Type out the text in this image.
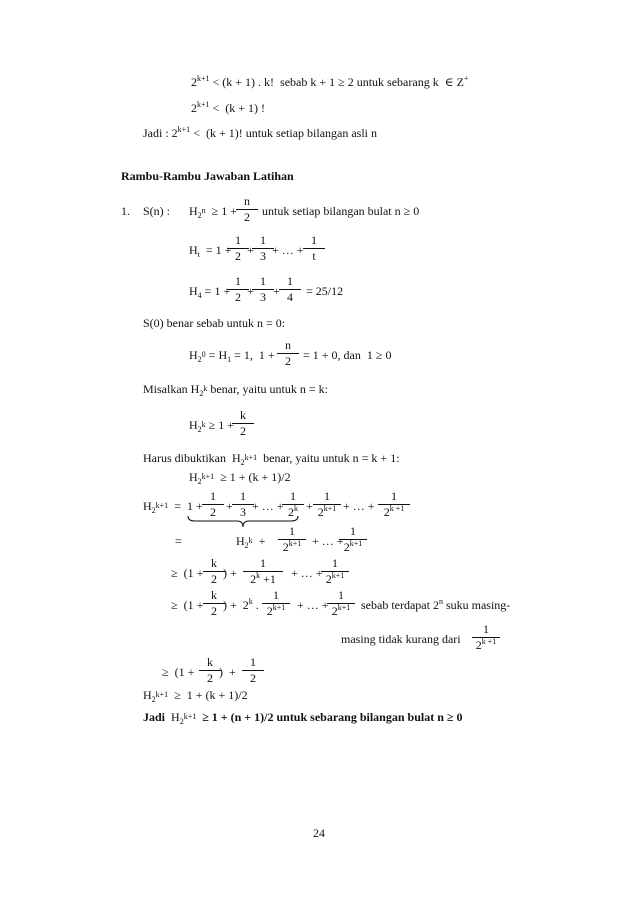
$2^{k+1} < (k + 1)$ . k!  sebab k + 1 ≥ 2 untuk sebarang k  ∈ Z+
$2^{k+1} < (k + 1)$ !
Jadi : $2^{k+1} < (k + 1)$! untuk setiap bilangan asli n
Rambu-Rambu Jawaban Latihan
1. S(n) : $H_{2^n} \ge 1$ +
n
2	untuk setiap bilangan bulat n ≥ 0
$H_t = 1$ +
1
2 +
1
3 + … +
1
t
$H_4 = 1$ +
1
2 +
1
3 +
1
4	= 25/12
S(0) benar sebab untuk n = 0:
$H_{2^0} = H_1 = 1$,  1 +
n
2	= 1 + 0, dan  1 ≥ 0
Misalkan $H_{2^k}$ benar, yaitu untuk n = k:
$H_{2^k} \ge 1$ +
k
2
Harus dibuktikan  $H_{2^{k+1}}$  benar, yaitu untuk n = k + 1:
$H_{2^{k+1}} \ge 1 + (k + 1)/2$
$H_{2^{k+1}} = 1$ +
1
2 +
1
3 + … +
1
$2^k$ +
1
$2^{k+1}$ + … +
1
$2^{k +1}$
=	$H_{2^k}$  +
1
$2^{k+1}$ + … +
1
$2^{k+1}$
≥  (1 +
k
2 ) +
1
$2^k +1$	+ … +
1
$2^{k+1}$
≥  (1 +
k
2 ) +  2$^k$ .
1
$2^{k+1}$ + … +
1
$2^{k+1}$ sebab terdapat 2$^n$ suku masing-
masing tidak kurang dari
1
$2^{k +1}$
≥  (1 +
k
2 )  +
1
2
$H_{2^{k+1}} \ge 1 + (k + 1)/2$
Jadi  $H_{2^{k+1}} \ge 1 + (n + 1)/2$ untuk sebarang bilangan bulat n ≥ 0
24
